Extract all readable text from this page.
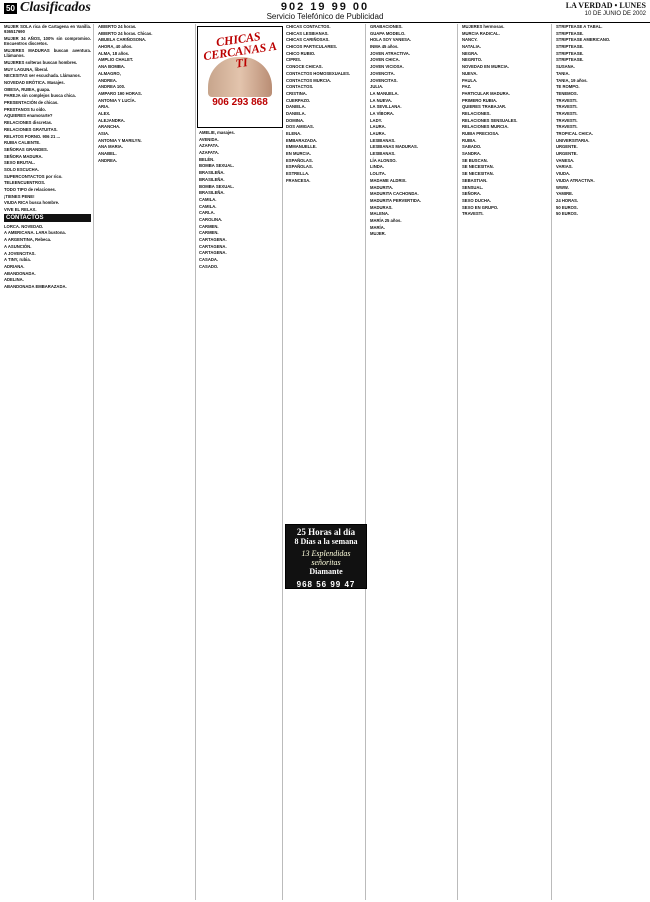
50 Clasificados	902 19 99 00
Servicio Telefónico de Publicidad
LA VERDAD • LUNES
10 DE JUNIO DE 2002
MUJER SOLA rica de Cartagena en Vanilla. 936517690
MUJER 34 AÑOS, 100% sin compromiso. Encuentros discretos.
MUJERES MADURAS buscan aventura. Llámanos.
MUJERES solteras buscan hombres.
MUY LAGUNA, liberal.
NECESITAS ser escuchada. Llámanos.
NOVEDAD ERÓTICA. Masajes.
OBESA, RUBIA, guapa.
PAREJA sin complejos busca chica.
PRESENTACIÓN de chicas.
PRESTANOS tu oído.
AQUIERES enamorarte?
RELACIONES discretas.
RELACIONES GRATUITAS.
RELATOS PORNO. 906 21 ...
RUBIA CALIENTE.
SEÑORAS GRANDES.
SEÑORA MADURA.
SEXO BRUTAL.
SOLO ESCUCHA.
SUPERCONTACTOS por rico.
TELEENCUENTROS.
TODO TIPO de relaciones.
¡TIENES PENE!
VIUDA RICA busca hombre.
VIVE EL RELAX.
CONTACTOS
LORCA. NOVEDAD.
A AMERICANA. LARA bustona.
A ARGENTINA, Rebeca.
A ASUNCIÓN.
A JOVENCITAS.
A TINY, rubia.
ADRIANA.
ABANDONADA.
ADELINA.
ABANDONADA EMBARAZADA.
ABIERTO 24 horas.
ABIERTO 24 horas. Chicas.
ABUELA CARIÑOSONA.
AHORA, 40 años.
ALMA, 18 años.
AMPLIO CHALET.
ANA BOMBA.
ALMAGRO,
ANDREA.
ANDREA 100.
AMPARO 190 HORAS.
ANTONIA Y LUCÍA.
ARIA.
ALEX.
ALEJANDRA.
ARANCHA.
ASIA.
ANTONIA Y MARILYN.
ANA MARIA.
ANABEL.
ANDREA.
AMELIE, masajes.
AVENIDA.
AZAFATA.
AZAFATA.
BELÉN.
BOMBA SEXUAL.
BRASILEÑA.
BRASILEÑA.
BOMBA SEXUAL.
BRASILEÑA.
CAMILA.
CAMILA.
CARLA.
CAROLINA.
CARMEN.
CARMEN.
CARTAGENA.
CARTAGENA.
CARTAGENA.
CASADA.
CASADO.
CHICAS CONTACTOS.
CHICAS LESBIANAS.
CHICAS CARIÑOSAS.
CHICOS PARTICULARES.
CHICO RUBIO.
CIPRIS.
CONOCE CHICAS.
CONTACTOS HOMOSEXUALES.
CONTACTOS MURCIA.
CONTACTOS.
CRISTINA.
CUERPAZO.
DANIELA.
DANIELA.
DOMINA.
DOS AMIGAS.
ELENA.
EMBARAZADA.
EMMANUELLE.
EN MURCIA.
ESPAÑOLAS.
ESPAÑOLAS.
ESTRELLA.
FRANCESA.
GRABACIONES.
GUAPA MODELO.
HOLA SOY VANESA.
INMA 45 años.
JOVEN ATRACTIVA.
JOVEN CHICA.
JOVEN VICIOSA.
JOVENCITA.
JOVENCITAS.
JULIA.
LA MANUELA.
LA NUEVA.
LA SEVILLANA.
LA VÍBORA.
LADY.
LAURA.
LAURA.
LESBIANAS.
LESBIANAS MADURAS.
LESBIANAS.
LÍA ALONSO.
LINDA.
LOLITA.
MADAME ALDRIX.
MADURITA.
MADURITA CACHONDA.
MADURITA PERVERTIDA.
MADURAS.
MALENA.
MARÍA 25 años.
MARÍA.
MUJER.
MUJERES hermosas.
MURCIA RADICAL.
NANCY.
NATALIA.
NEGRA.
NEGRITO.
NOVEDAD EN MURCIA.
NUEVA.
PAULA.
PAZ.
PARTICULAR MADURA.
PRIMERO RUBIA.
QUIERES TRABAJAR.
RELACIONES.
RELACIONES SENSUALES.
RELACIONES MURCIA.
RUBIA PRECIOSA.
RUBIA.
SABADO.
SANDRA.
SE BUSCAN.
SE NECESITAN.
SE NECESITAN.
SEBASTIAN.
SENSUAL.
SEÑORA.
SEXO DUCHA.
SEXO EN GRUPO.
TRAVESTI.
STRIPTEASE A TABAL.
STRIPTEASE.
STRIPTEASE AMERICANO.
STRIPTEASE.
STRIPTEASE.
STRIPTEASE.
SUSANA.
TANIA.
TANIA, 19 años.
TE ROMPO.
TENEMOS.
TRAVESTI.
TRAVESTI.
TRAVESTI.
TRAVESTI.
TRAVESTI.
TROPICAL CHICA.
UNIVERSITARIA.
URGENTE.
URGENTE.
VANESA.
VARIAS.
VIUDA.
VIUDA ATRACTIVA.
WWW.
YAMIRE.
24 HORAS.
50 EUROS.
50 EUROS.
CHICAS CERCANAS A TI
906 293 868
25 Horas al día
8 Días a la semana
13 Esplendidas señoritas
Diamante
968 56 99 47
